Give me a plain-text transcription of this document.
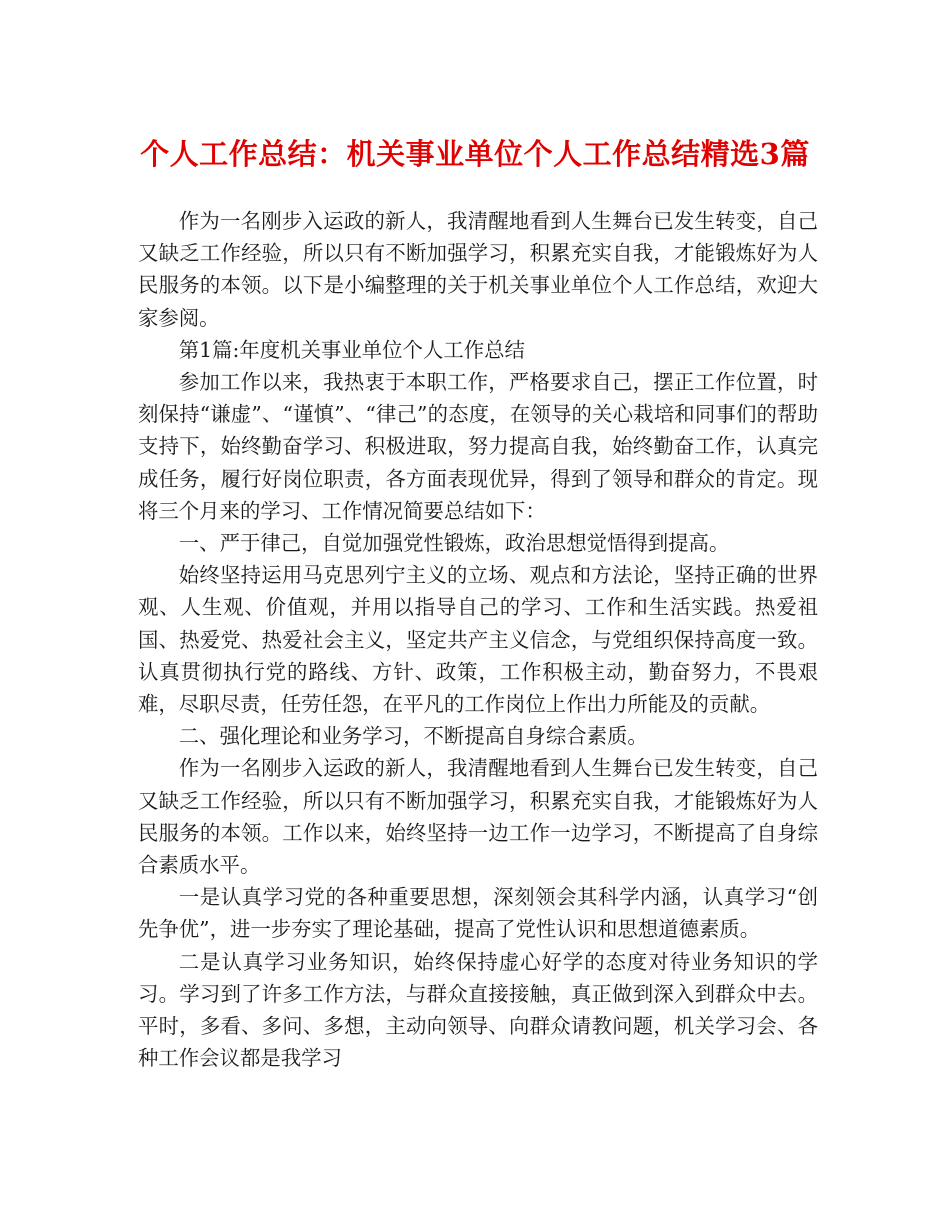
个人工作总结：机关事业单位个人工作总结精选3篇

作为一名刚步入运政的新人，我清醒地看到人生舞台已发生转变，自己又缺乏工作经验，所以只有不断加强学习，积累充实自我，才能锻炼好为人民服务的本领。以下是小编整理的关于机关事业单位个人工作总结，欢迎大家参阅。

第1篇:年度机关事业单位个人工作总结

参加工作以来，我热衷于本职工作，严格要求自己，摆正工作位置，时刻保持“谦虚”、“谨慎”、“律己”的态度，在领导的关心栽培和同事们的帮助支持下，始终勤奋学习、积极进取，努力提高自我，始终勤奋工作，认真完成任务，履行好岗位职责，各方面表现优异，得到了领导和群众的肯定。现将三个月来的学习、工作情况简要总结如下：

一、严于律己，自觉加强党性锻炼，政治思想觉悟得到提高。

始终坚持运用马克思列宁主义的立场、观点和方法论，坚持正确的世界观、人生观、价值观，并用以指导自己的学习、工作和生活实践。热爱祖国、热爱党、热爱社会主义，坚定共产主义信念，与党组织保持高度一致。认真贯彻执行党的路线、方针、政策，工作积极主动，勤奋努力，不畏艰难，尽职尽责，任劳任怨，在平凡的工作岗位上作出力所能及的贡献。

二、强化理论和业务学习，不断提高自身综合素质。

作为一名刚步入运政的新人，我清醒地看到人生舞台已发生转变，自己又缺乏工作经验，所以只有不断加强学习，积累充实自我，才能锻炼好为人民服务的本领。工作以来，始终坚持一边工作一边学习，不断提高了自身综合素质水平。

一是认真学习党的各种重要思想，深刻领会其科学内涵，认真学习“创先争优”，进一步夯实了理论基础，提高了党性认识和思想道德素质。

二是认真学习业务知识，始终保持虚心好学的态度对待业务知识的学习。学习到了许多工作方法，与群众直接接触，真正做到深入到群众中去。平时，多看、多问、多想，主动向领导、向群众请教问题，机关学习会、各种工作会议都是我学习
